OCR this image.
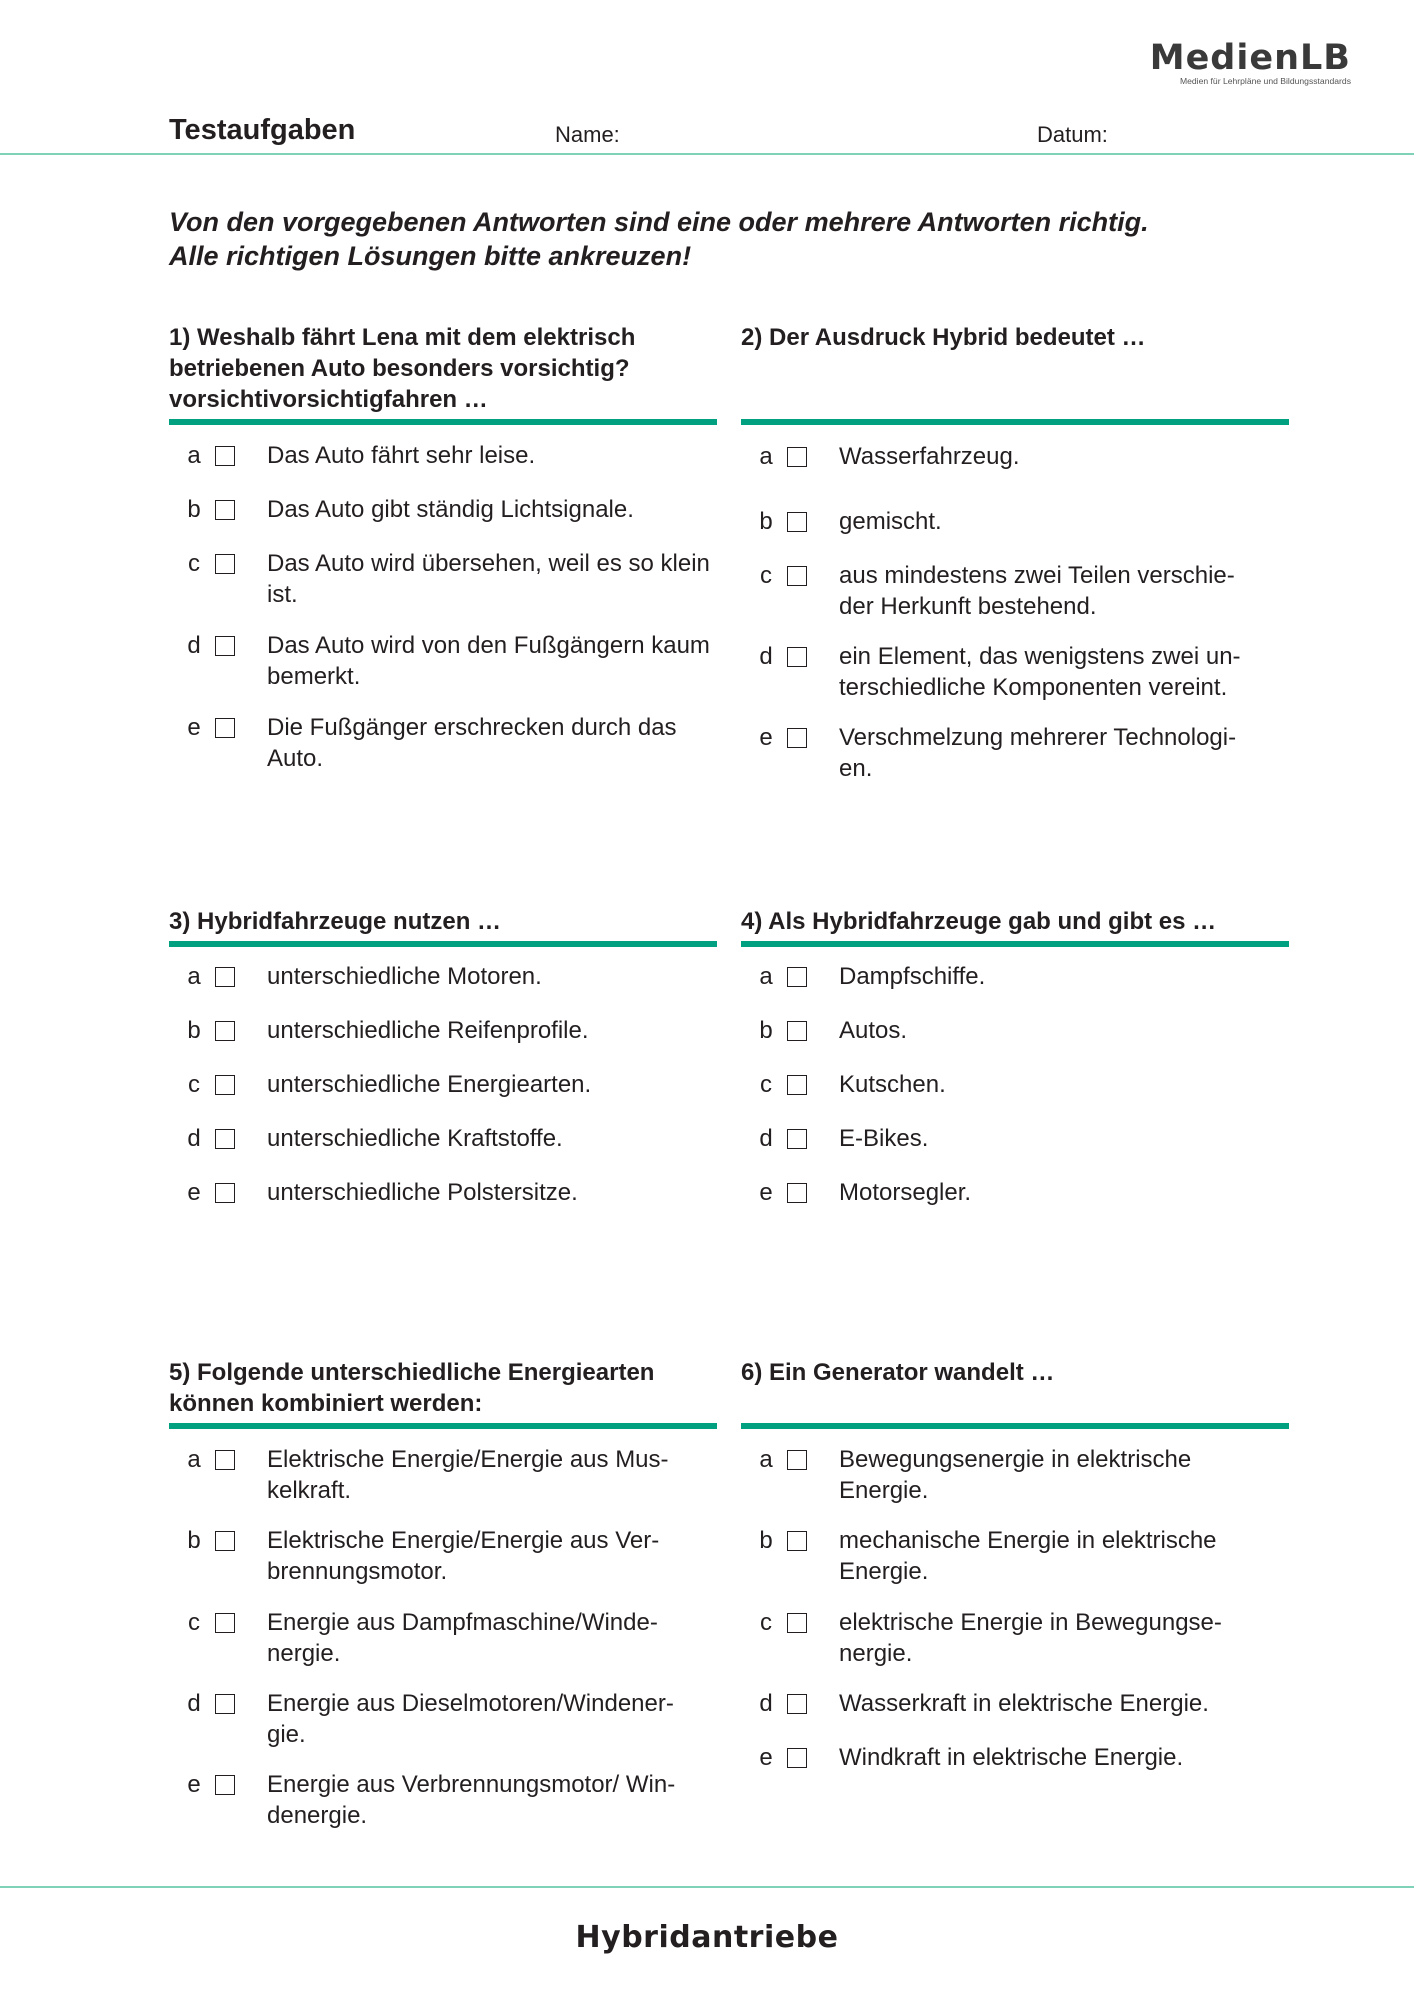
MedienLB
Medien für Lehrpläne und Bildungsstandards
Testaufgaben	Name:	Datum:
Von den vorgegebenen Antworten sind eine oder mehrere Antworten richtig.
Alle richtigen Lösungen bitte ankreuzen!
1) Weshalb fährt Lena mit dem elektrisch betriebenen Auto besonders vorsichtig? vorsichtivorsichtigfahren …
a	Das Auto fährt sehr leise.
b	Das Auto gibt ständig Lichtsignale.
c	Das Auto wird übersehen, weil es so klein ist.
d	Das Auto wird von den Fußgängern kaum bemerkt.
e	Die Fußgänger erschrecken durch das Auto.
2) Der Ausdruck Hybrid bedeutet …
a	Wasserfahrzeug.
b	gemischt.
c	aus mindestens zwei Teilen verschie-
der Herkunft bestehend.
d	ein Element, das wenigstens zwei un-
terschiedliche Komponenten vereint.
e	Verschmelzung mehrerer Technologi-
en.
3) Hybridfahrzeuge nutzen …
a	unterschiedliche Motoren.
b	unterschiedliche Reifenprofile.
c	unterschiedliche Energiearten.
d	unterschiedliche Kraftstoffe.
e	unterschiedliche Polstersitze.
4) Als Hybridfahrzeuge gab und gibt es …
a	Dampfschiffe.
b	Autos.
c	Kutschen.
d	E-Bikes.
e	Motorsegler.
5) Folgende unterschiedliche Energiearten können kombiniert werden:
a	Elektrische Energie/Energie aus Mus-
kelkraft.
b	Elektrische Energie/Energie aus Ver-
brennungsmotor.
c	Energie aus Dampfmaschine/Winde-
nergie.
d	Energie aus Dieselmotoren/Windener-
gie.
e	Energie aus Verbrennungsmotor/ Win-
denergie.
6) Ein Generator wandelt …
a	Bewegungsenergie in elektrische
Energie.
b	mechanische Energie in elektrische
Energie.
c	elektrische Energie in Bewegungse-
nergie.
d	Wasserkraft in elektrische Energie.
e	Windkraft in elektrische Energie.
Hybridantriebe
